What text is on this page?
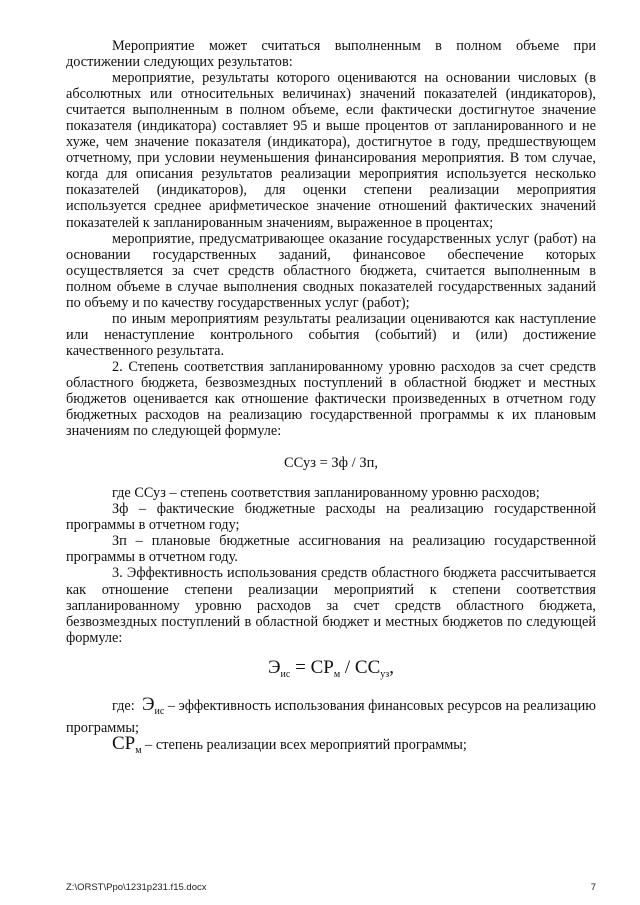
Мероприятие может считаться выполненным в полном объеме при достижении следующих результатов:

мероприятие, результаты которого оцениваются на основании числовых (в абсолютных или относительных величинах) значений показателей (индикаторов), считается выполненным в полном объеме, если фактически достигнутое значение показателя (индикатора) составляет 95 и выше процентов от запланированного и не хуже, чем значение показателя (индикатора), достигнутое в году, предшествующем отчетному, при условии неуменьшения финансирования мероприятия. В том случае, когда для описания результатов реализации мероприятия используется несколько показателей (индикаторов), для оценки степени реализации мероприятия используется среднее арифметическое значение отношений фактических значений показателей к запланированным значениям, выраженное в процентах;

мероприятие, предусматривающее оказание государственных услуг (работ) на основании государственных заданий, финансовое обеспечение которых осуществляется за счет средств областного бюджета, считается выполненным в полном объеме в случае выполнения сводных показателей государственных заданий по объему и по качеству государственных услуг (работ);

по иным мероприятиям результаты реализации оцениваются как наступление или ненаступление контрольного события (событий) и (или) достижение качественного результата.

2. Степень соответствия запланированному уровню расходов за счет средств областного бюджета, безвозмездных поступлений в областной бюджет и местных бюджетов оценивается как отношение фактически произведенных в отчетном году бюджетных расходов на реализацию государственной программы к их плановым значениям по следующей формуле:

ССуз = Зф / Зп,

где ССуз – степень соответствия запланированному уровню расходов;

Зф – фактические бюджетные расходы на реализацию государственной программы в отчетном году;

Зп – плановые бюджетные ассигнования на реализацию государственной программы в отчетном году.

3. Эффективность использования средств областного бюджета рассчитывается как отношение степени реализации мероприятий к степени соответствия запланированному уровню расходов за счет средств областного бюджета, безвозмездных поступлений в областной бюджет и местных бюджетов по следующей формуле:

$Э_{ис} = СР_м / СС_{уз}$,

где: $Э_{ис}$ – эффективность использования финансовых ресурсов на реализацию программы;

$СР_м$ – степень реализации всех мероприятий программы;

Z:\ORST\Ppo\1231p231.f15.docx	7
